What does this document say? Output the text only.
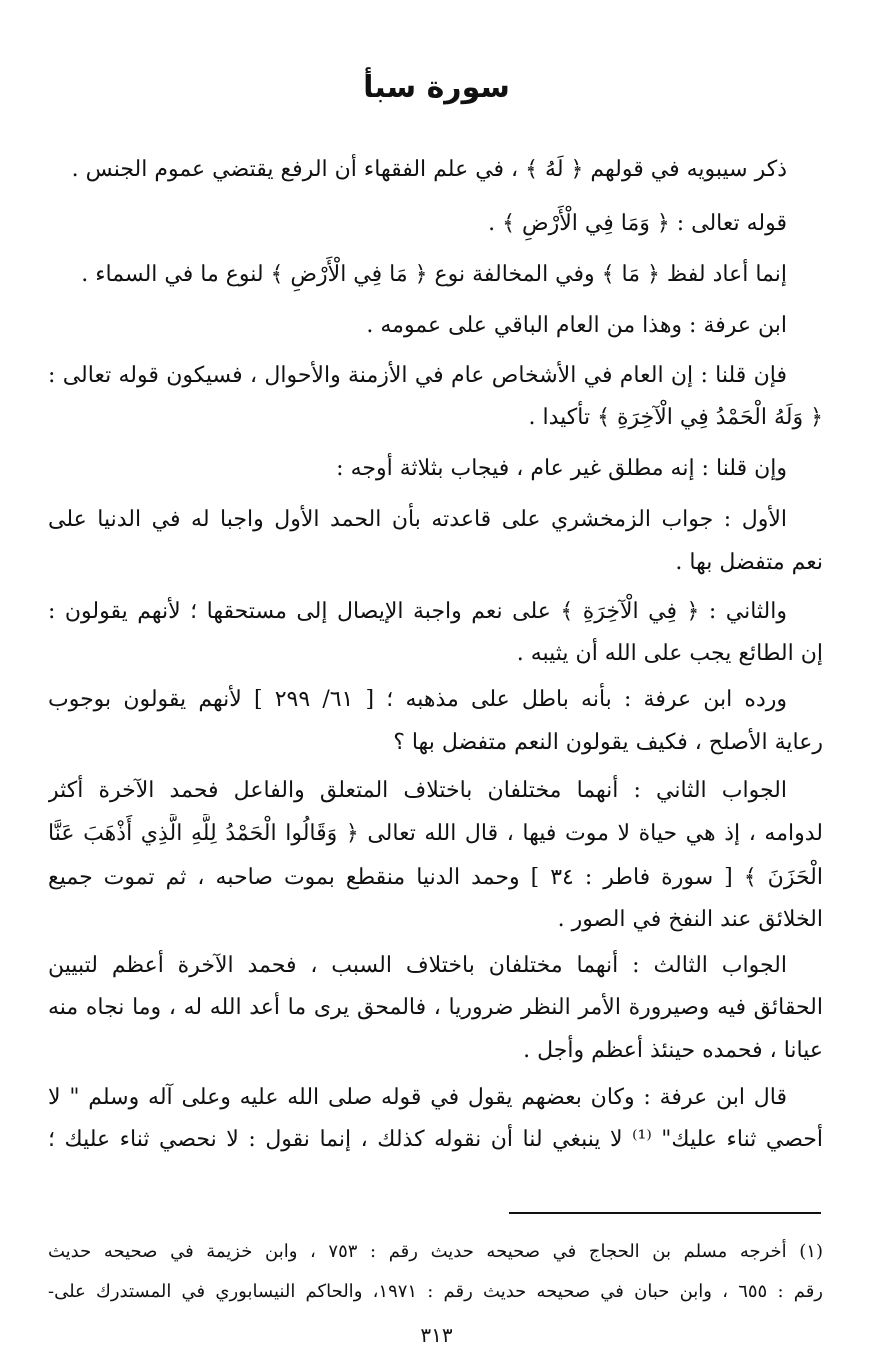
سورة سبأ
ذكر سيبويه في قولهم ﴿ لَهُ ﴾ ، في علم الفقهاء أن الرفع يقتضي عموم الجنس .
قوله تعالى : ﴿ وَمَا فِي الْأَرْضِ ﴾ .
إنما أعاد لفظ ﴿ مَا ﴾ وفي المخالفة نوع ﴿ مَا فِي الْأَرْضِ ﴾ لنوع ما في السماء .
ابن عرفة : وهذا من العام الباقي على عمومه .
فإن قلنا : إن العام في الأشخاص عام في الأزمنة والأحوال ، فسيكون قوله تعالى :
﴿ وَلَهُ الْحَمْدُ فِي الْآخِرَةِ ﴾ تأكيدا .
وإن قلنا : إنه مطلق غير عام ، فيجاب بثلاثة أوجه :
الأول : جواب الزمخشري على قاعدته بأن الحمد الأول واجبا له في الدنيا على
نعم متفضل بها .
والثاني : ﴿ فِي الْآخِرَةِ ﴾ على نعم واجبة الإيصال إلى مستحقها ؛ لأنهم يقولون :
إن الطائع يجب على الله أن يثيبه .
ورده ابن عرفة : بأنه باطل على مذهبه ؛ [ ٦١/ ٢٩٩ ] لأنهم يقولون بوجوب
رعاية الأصلح ، فكيف يقولون النعم متفضل بها ؟
الجواب الثاني : أنهما مختلفان باختلاف المتعلق والفاعل فحمد الآخرة أكثر
لدوامه ، إذ هي حياة لا موت فيها ، قال الله تعالى ﴿ وَقَالُوا الْحَمْدُ لِلَّهِ الَّذِي أَذْهَبَ عَنَّا
الْحَزَنَ ﴾ [ سورة فاطر : ٣٤ ] وحمد الدنيا منقطع بموت صاحبه ، ثم تموت جميع
الخلائق عند النفخ في الصور .
الجواب الثالث : أنهما مختلفان باختلاف السبب ، فحمد الآخرة أعظم لتبيين
الحقائق فيه وصيرورة الأمر النظر ضروريا ، فالمحق يرى ما أعد الله له ، وما نجاه منه
عيانا ، فحمده حينئذ أعظم وأجل .
قال ابن عرفة : وكان بعضهم يقول في قوله صلى الله عليه وعلى آله وسلم " لا
أحصي ثناء عليك" ⁽¹⁾ لا ينبغي لنا أن نقوله كذلك ، إنما نقول : لا نحصي ثناء عليك ؛
(١) أخرجه مسلم بن الحجاج في صحيحه حديث رقم : ٧٥٣ ، وابن خزيمة في صحيحه حديث
رقم : ٦٥٥ ، وابن حبان في صحيحه حديث رقم : ١٩٧١، والحاكم النيسابوري في المستدرك على-
٣١٣
